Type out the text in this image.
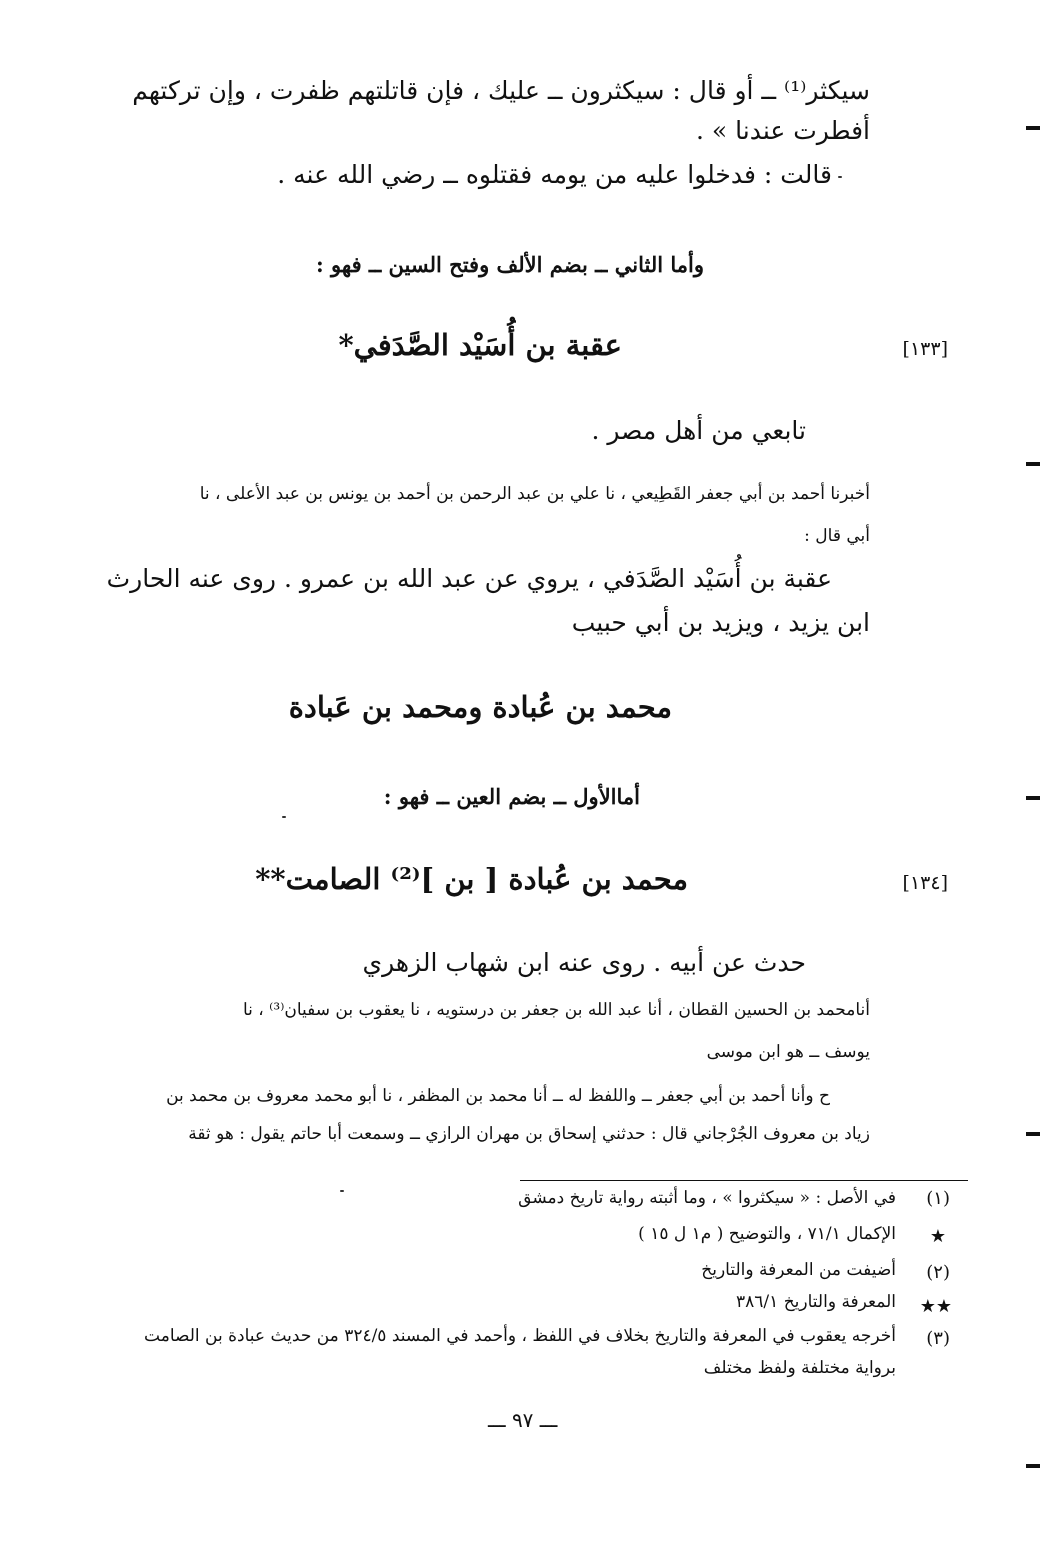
سيكثر⁽¹⁾ ــ أو قال : سيكثرون ــ عليك ، فإن قاتلتهم ظفرت ، وإن تركتهم
أفطرت عندنا » .
قالت : فدخلوا عليه من يومه فقتلوه ــ رضي الله عنه .
وأما الثاني ــ بضم الألف وفتح السين ــ فهو :
[١٣٣]
عقبة بن أُسَيْد الصَّدَفي*
تابعي من أهل مصر .
أخبرنا أحمد بن أبي جعفر القَطِيعي ، نا علي بن عبد الرحمن بن أحمد بن يونس بن عبد الأعلى ، نا
أبي قال :
عقبة بن أُسَيْد الصَّدَفي ، يروي عن عبد الله بن عمرو . روى عنه الحارث
ابن يزيد ، ويزيد بن أبي حبيب
محمد بن عُبادة ومحمد بن عَبادة
أماالأول ــ بضم العين ــ فهو :
[١٣٤]
محمد بن عُبادة [ بن ]⁽²⁾ الصامت**
حدث عن أبيه . روى عنه ابن شهاب الزهري
أنامحمد بن الحسين القطان ، أنا عبد الله بن جعفر بن درستويه ، نا يعقوب بن سفيان⁽³⁾ ، نا
يوسف ــ هو ابن موسى
ح وأنا أحمد بن أبي جعفر ــ واللفظ له ــ أنا محمد بن المظفر ، نا أبو محمد معروف بن محمد بن
زياد بن معروف الجُرْجاني قال : حدثني إسحاق بن مهران الرازي ــ وسمعت أبا حاتم يقول : هو ثقة
(١)
في الأصل : « سيكثروا » ، وما أثبته رواية تاريخ دمشق
★
الإكمال ٧١/١ ، والتوضيح ( م١ ل ١٥ )
(٢)
أضيفت من المعرفة والتاريخ
★★
المعرفة والتاريخ ٣٨٦/١
(٣)
أخرجه يعقوب في المعرفة والتاريخ بخلاف في اللفظ ، وأحمد في المسند ٣٢٤/٥ من حديث عبادة بن الصامت
برواية مختلفة ولفظ مختلف
ـــ ٩٧ ـــ
